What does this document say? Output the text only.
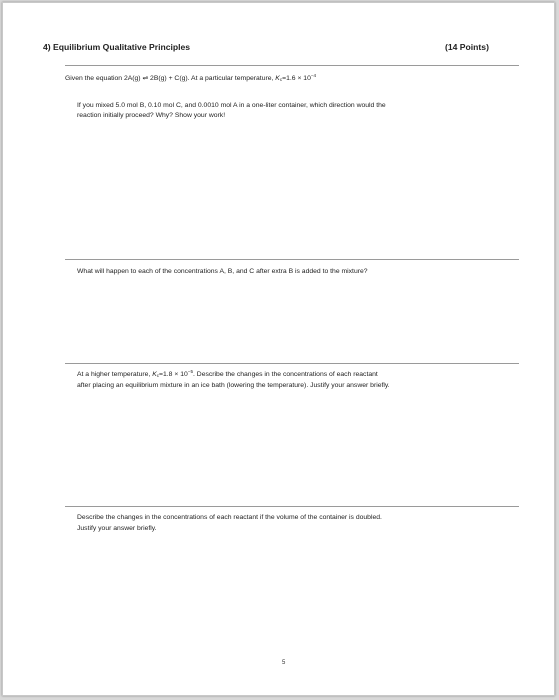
4) Equilibrium Qualitative Principles	(14 Points)
Given the equation 2A(g) ⇌ 2B(g) + C(g). At a particular temperature, $K_c=1.6 \times 10^{-4}$
If you mixed 5.0 mol B, 0.10 mol C, and 0.0010 mol A in a one-liter container, which direction would the
reaction initially proceed? Why? Show your work!
What will happen to each of the concentrations A, B, and C after extra B is added to the mixture?
At a higher temperature, $K_c=1.8 \times 10^{-5}$. Describe the changes in the concentrations of each reactant
after placing an equilibrium mixture in an ice bath (lowering the temperature). Justify your answer briefly.
Describe the changes in the concentrations of each reactant if the volume of the container is doubled.
Justify your answer briefly.
5
